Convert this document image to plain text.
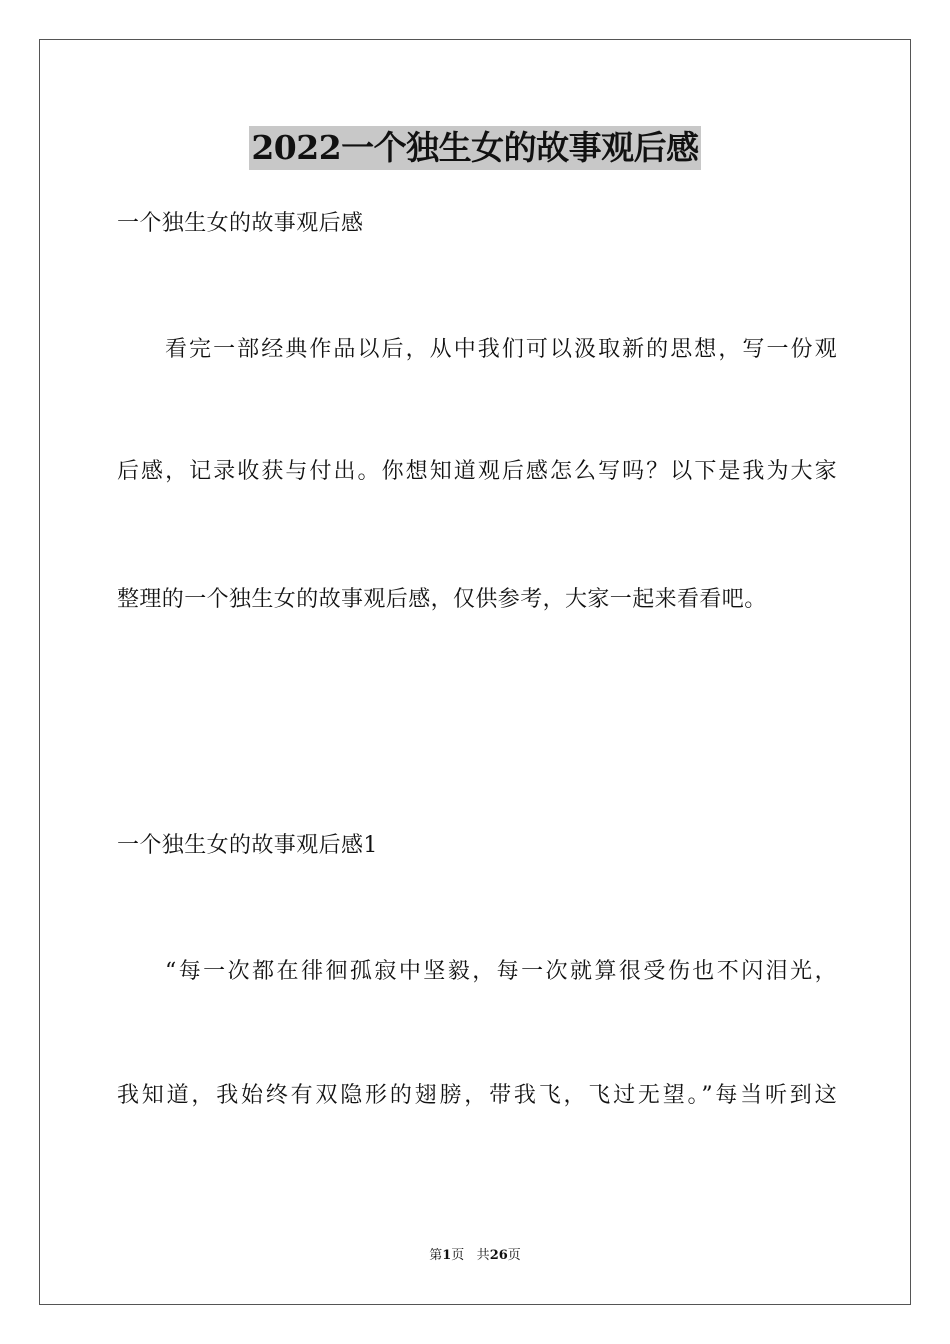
2022一个独生女的故事观后感
一个独生女的故事观后感
看完一部经典作品以后，从中我们可以汲取新的思想，写一份观
后感，记录收获与付出。你想知道观后感怎么写吗？以下是我为大家
整理的一个独生女的故事观后感，仅供参考，大家一起来看看吧。
一个独生女的故事观后感1
“每一次都在徘徊孤寂中坚毅，每一次就算很受伤也不闪泪光，
我知道，我始终有双隐形的翅膀，带我飞，飞过无望。”每当听到这
第1页 共26页
